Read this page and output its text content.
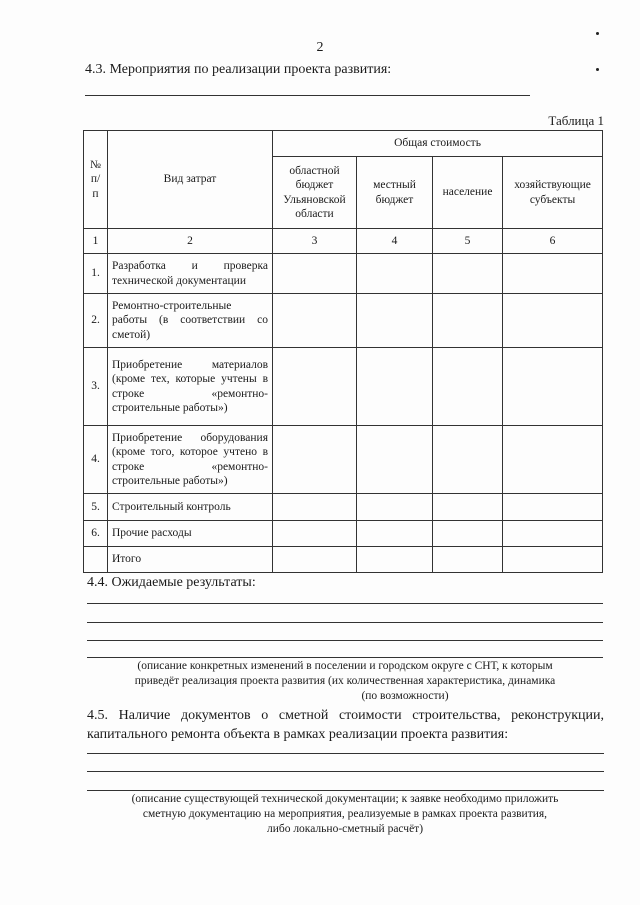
2
4.3. Мероприятия по реализации проекта развития:
Таблица 1
№ п/п	Вид затрат	Общая стоимость			
		областной бюджет Ульяновской области	местный бюджет	население	хозяйствующие субъекты
1	2	3	4	5	6
1.	Разработка и проверка технической документации				
2.	Ремонтно-строительные работы (в соответствии со сметой)				
3.	Приобретение материалов (кроме тех, которые учтены в строке «ремонтно-строительные работы»)				
4.	Приобретение оборудования (кроме того, которое учтено в строке «ремонтно-строительные работы»)				
5.	Строительный контроль				
6.	Прочие расходы				
	Итого				
4.4. Ожидаемые результаты:
(описание конкретных изменений в поселении и городском округе с СНТ, к которым
приведёт реализация проекта развития (их количественная характеристика, динамика
(по возможности)
4.5. Наличие документов о сметной стоимости строительства, реконструкции, капитального ремонта объекта в рамках реализации проекта развития:
(описание существующей технической документации; к заявке необходимо приложить
сметную документацию на мероприятия, реализуемые в рамках проекта развития,
либо локально-сметный расчёт)
